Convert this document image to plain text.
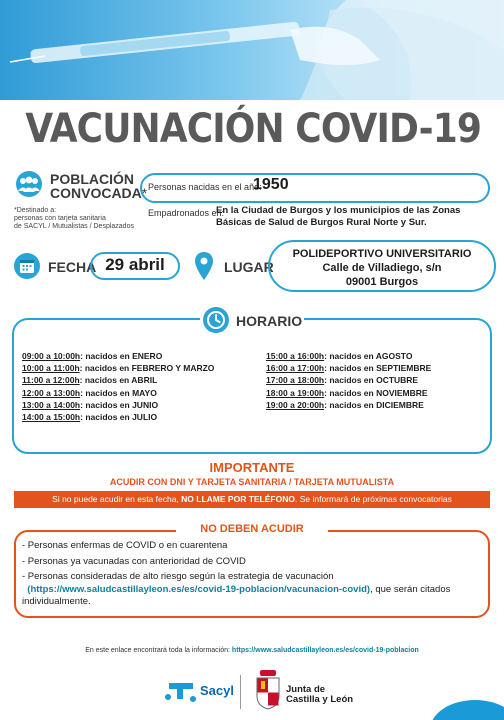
VACUNACIÓN COVID-19
POBLACIÓN
CONVOCADA*
*Destinado a:
personas con tarjeta sanitaria
de SACYL / Mutualistas / Desplazados
Personas nacidas en el año:
1950
Empadronados en:
En la Ciudad de Burgos y los municipios de las Zonas Básicas de Salud de Burgos Rural Norte y Sur.
FECHA 29 abril	LUGAR
POLIDEPORTIVO UNIVERSITARIO
Calle de Villadiego, s/n
09001 Burgos
HORARIO
09:00 a 10:00h: nacidos en ENERO
10:00 a 11:00h: nacidos en FEBRERO Y MARZO
11:00 a 12:00h: nacidos en ABRIL
12:00 a 13:00h: nacidos en MAYO
13:00 a 14:00h: nacidos en JUNIO
14:00 a 15:00h: nacidos en JULIO
15:00 a 16:00h: nacidos en AGOSTO
16:00 a 17:00h: nacidos en SEPTIEMBRE
17:00 a 18:00h: nacidos en OCTUBRE
18:00 a 19:00h: nacidos en NOVIEMBRE
19:00 a 20:00h: nacidos en DICIEMBRE
IMPORTANTE
ACUDIR CON DNI Y TARJETA SANITARIA / TARJETA MUTUALISTA
Si no puede acudir en esta fecha, NO LLAME POR TELÉFONO. Se informará de próximas convocatorias
NO DEBEN ACUDIR
- Personas enfermas de COVID o en cuarentena
- Personas ya vacunadas con anterioridad de COVID
- Personas consideradas de alto riesgo según la estrategia de vacunación
(https://www.saludcastillayleon.es/es/covid-19-poblacion/vacunacion-covid), que serán citados individualmente.
En este enlace encontrará toda la información: https://www.saludcastillayleon.es/es/covid-19-poblacion
Sacyl	Junta de
Castilla y León
